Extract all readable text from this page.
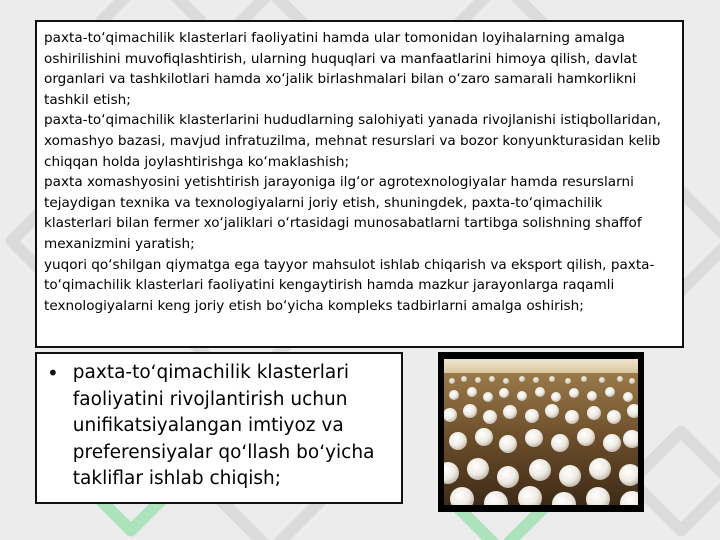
paxta-to‘qimachilik klasterlari faoliyatini hamda ular tomonidan loyihalarning amalga oshirilishini muvofiqlashtirish, ularning huquqlari va manfaatlarini himoya qilish, davlat organlari va tashkilotlari hamda xo‘jalik birlashmalari bilan o‘zaro samarali hamkorlikni tashkil etish;

paxta-to‘qimachilik klasterlarini hududlarning salohiyati yanada rivojlanishi istiqbollaridan, xomashyo bazasi, mavjud infratuzilma, mehnat resurslari va bozor konyunkturasidan kelib chiqqan holda joylashtirishga ko‘maklashish;

paxta xomashyosini yetishtirish jarayoniga ilg‘or agrotexnologiyalar hamda resurslarni tejaydigan texnika va texnologiyalarni joriy etish, shuningdek, paxta-to‘qimachilik klasterlari bilan fermer xo‘jaliklari o‘rtasidagi munosabatlarni tartibga solishning shaffof mexanizmini yaratish;

yuqori qo‘shilgan qiymatga ega tayyor mahsulot ishlab chiqarish va eksport qilish, paxta-to‘qimachilik klasterlari faoliyatini kengaytirish hamda mazkur jarayonlarga raqamli texnologiyalarni keng joriy etish bo‘yicha kompleks tadbirlarni amalga oshirish;

• paxta-to‘qimachilik klasterlari faoliyatini rivojlantirish uchun unifikatsiyalangan imtiyoz va preferensiyalar qo‘llash bo‘yicha takliflar ishlab chiqish;
